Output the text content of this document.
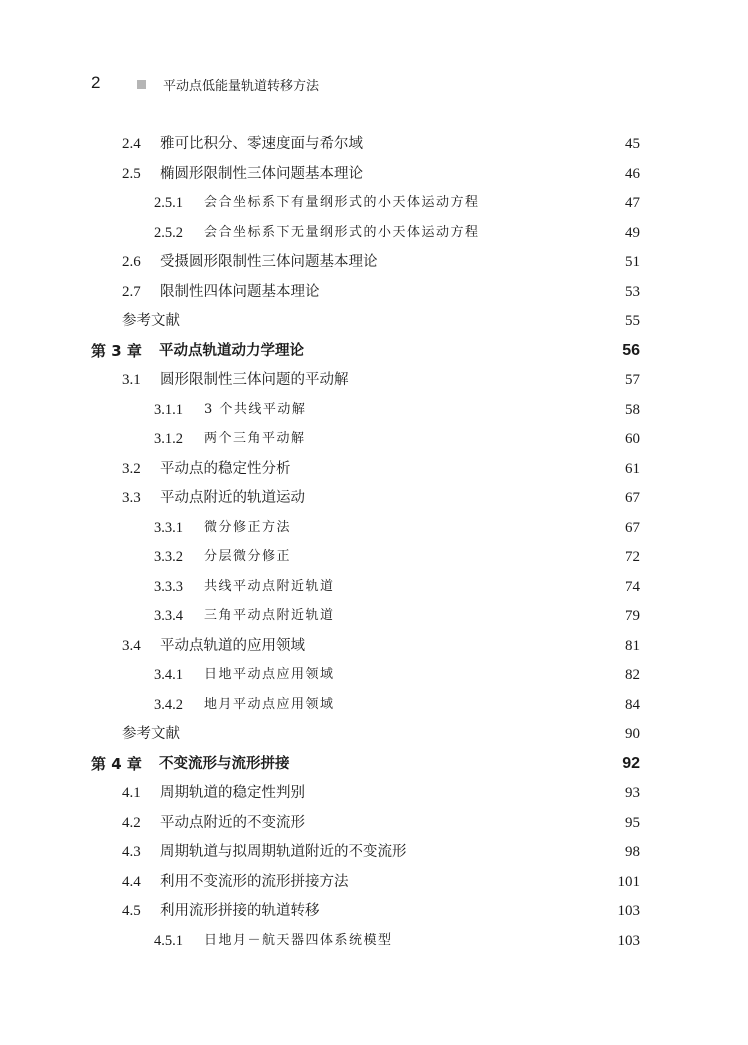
2	平动点低能量轨道转移方法
2.4 雅可比积分、零速度面与希尔域	45
2.5 椭圆形限制性三体问题基本理论	46
2.5.1 会合坐标系下有量纲形式的小天体运动方程	47
2.5.2 会合坐标系下无量纲形式的小天体运动方程	49
2.6 受摄圆形限制性三体问题基本理论	51
2.7 限制性四体问题基本理论	53
参考文献	55
第 3 章 平动点轨道动力学理论	56
3.1 圆形限制性三体问题的平动解	57
3.1.1 3 个共线平动解	58
3.1.2 两个三角平动解	60
3.2 平动点的稳定性分析	61
3.3 平动点附近的轨道运动	67
3.3.1 微分修正方法	67
3.3.2 分层微分修正	72
3.3.3 共线平动点附近轨道	74
3.3.4 三角平动点附近轨道	79
3.4 平动点轨道的应用领域	81
3.4.1 日地平动点应用领域	82
3.4.2 地月平动点应用领域	84
参考文献	90
第 4 章 不变流形与流形拼接	92
4.1 周期轨道的稳定性判别	93
4.2 平动点附近的不变流形	95
4.3 周期轨道与拟周期轨道附近的不变流形	98
4.4 利用不变流形的流形拼接方法	101
4.5 利用流形拼接的轨道转移	103
4.5.1 日地月－航天器四体系统模型	103
